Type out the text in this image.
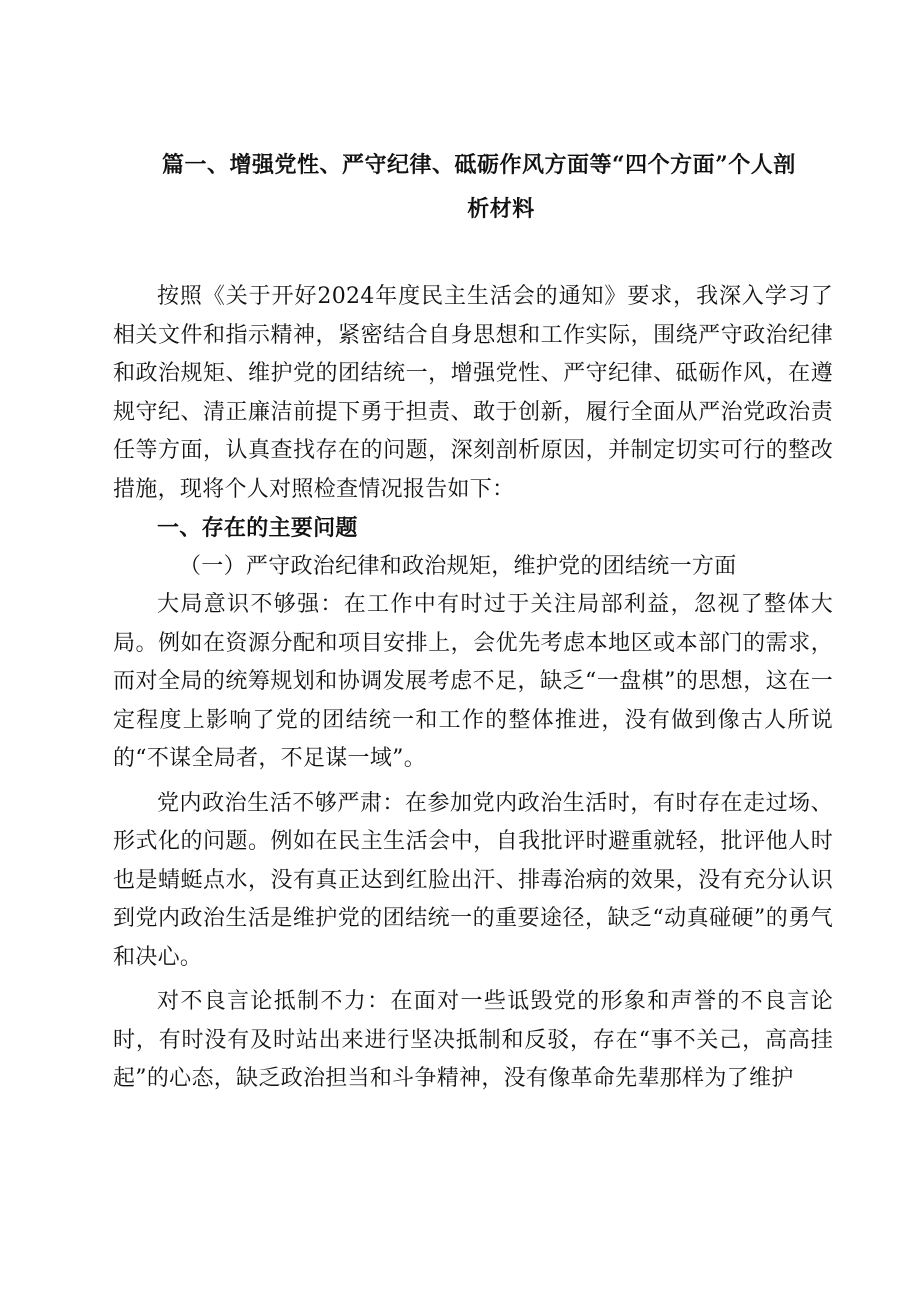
篇一、增强党性、严守纪律、砥砺作风方面等“四个方面”个人剖
析材料

按照《关于开好2024年度民主生活会的通知》要求，我深入学习了相关文件和指示精神，紧密结合自身思想和工作实际，围绕严守政治纪律和政治规矩、维护党的团结统一，增强党性、严守纪律、砥砺作风，在遵规守纪、清正廉洁前提下勇于担责、敢于创新，履行全面从严治党政治责任等方面，认真查找存在的问题，深刻剖析原因，并制定切实可行的整改措施，现将个人对照检查情况报告如下：

一、存在的主要问题

（一）严守政治纪律和政治规矩，维护党的团结统一方面

大局意识不够强：在工作中有时过于关注局部利益，忽视了整体大局。例如在资源分配和项目安排上，会优先考虑本地区或本部门的需求，而对全局的统筹规划和协调发展考虑不足，缺乏“一盘棋”的思想，这在一定程度上影响了党的团结统一和工作的整体推进，没有做到像古人所说的“不谋全局者，不足谋一域”。

党内政治生活不够严肃：在参加党内政治生活时，有时存在走过场、形式化的问题。例如在民主生活会中，自我批评时避重就轻，批评他人时也是蜻蜓点水，没有真正达到红脸出汗、排毒治病的效果，没有充分认识到党内政治生活是维护党的团结统一的重要途径，缺乏“动真碰硬”的勇气和决心。

对不良言论抵制不力：在面对一些诋毁党的形象和声誉的不良言论时，有时没有及时站出来进行坚决抵制和反驳，存在“事不关己，高高挂起”的心态，缺乏政治担当和斗争精神，没有像革命先辈那样为了维护
